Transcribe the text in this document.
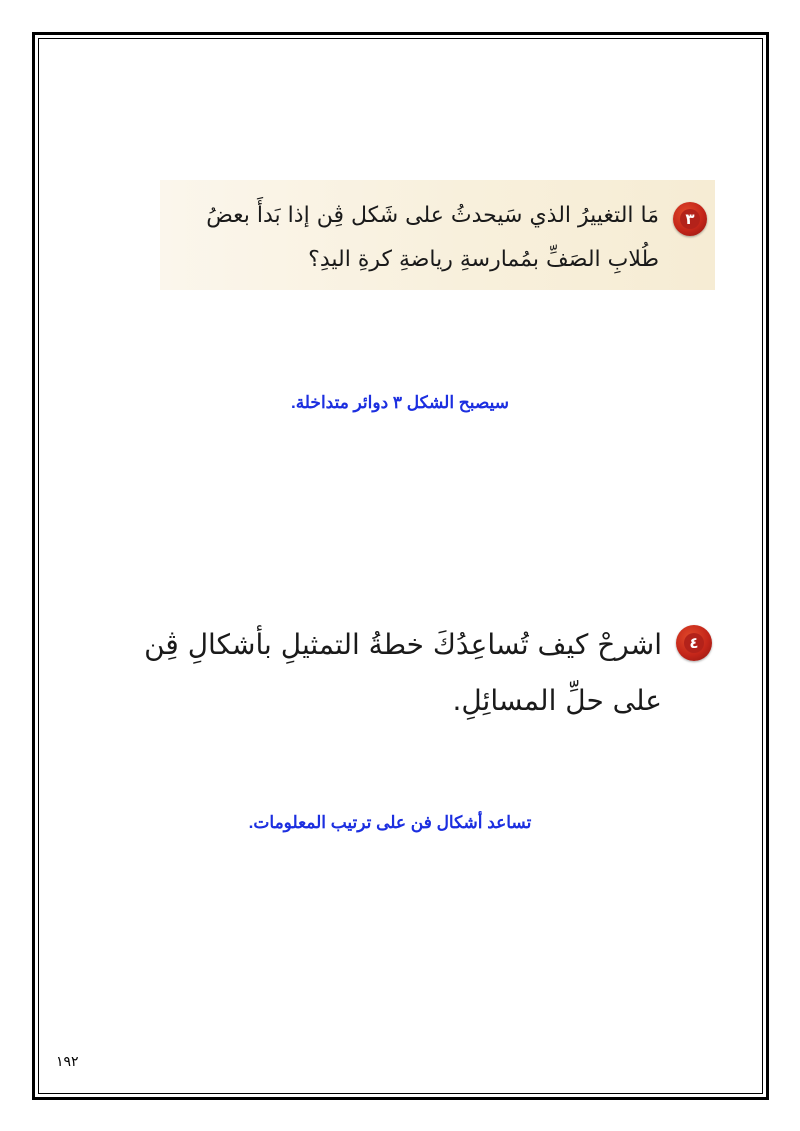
٣
مَا التغييرُ الذي سَيحدثُ على شَكل ڤِن إذا بَدأَ بعضُ طُلابِ الصَفِّ بمُمارسةِ رياضةِ كرةِ اليدِ؟
سيصبح الشكل ٣ دوائر متداخلة.
٤
اشرحْ كيف تُساعِدُكَ خطةُ التمثيلِ بأشكالِ ڤِن على حلِّ المسائِلِ.
تساعد أشكال فن على ترتيب المعلومات.
١٩٢
